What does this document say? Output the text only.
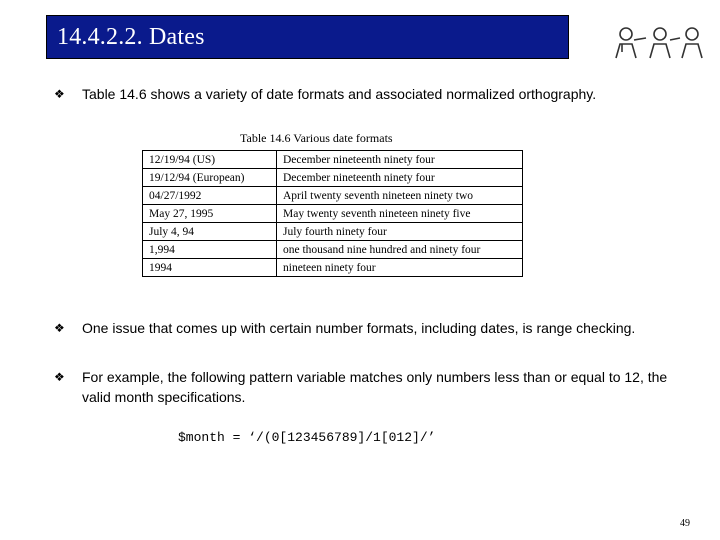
14.4.2.2. Dates
❖ Table 14.6 shows a variety of date formats and associated normalized orthography.
Table 14.6 Various date formats
12/19/94 (US)	December nineteenth ninety four
19/12/94 (European)	December nineteenth ninety four
04/27/1992	April twenty seventh nineteen ninety two
May 27, 1995	May twenty seventh nineteen ninety five
July 4, 94	July fourth ninety four
1,994	one thousand nine hundred and ninety four
1994	nineteen ninety four
❖ One issue that comes up with certain number formats, including dates, is range checking.
❖ For example, the following pattern variable matches only numbers less than or equal to 12, the valid month specifications.
$month = ‘/(0[123456789]/1[012]/’
49
